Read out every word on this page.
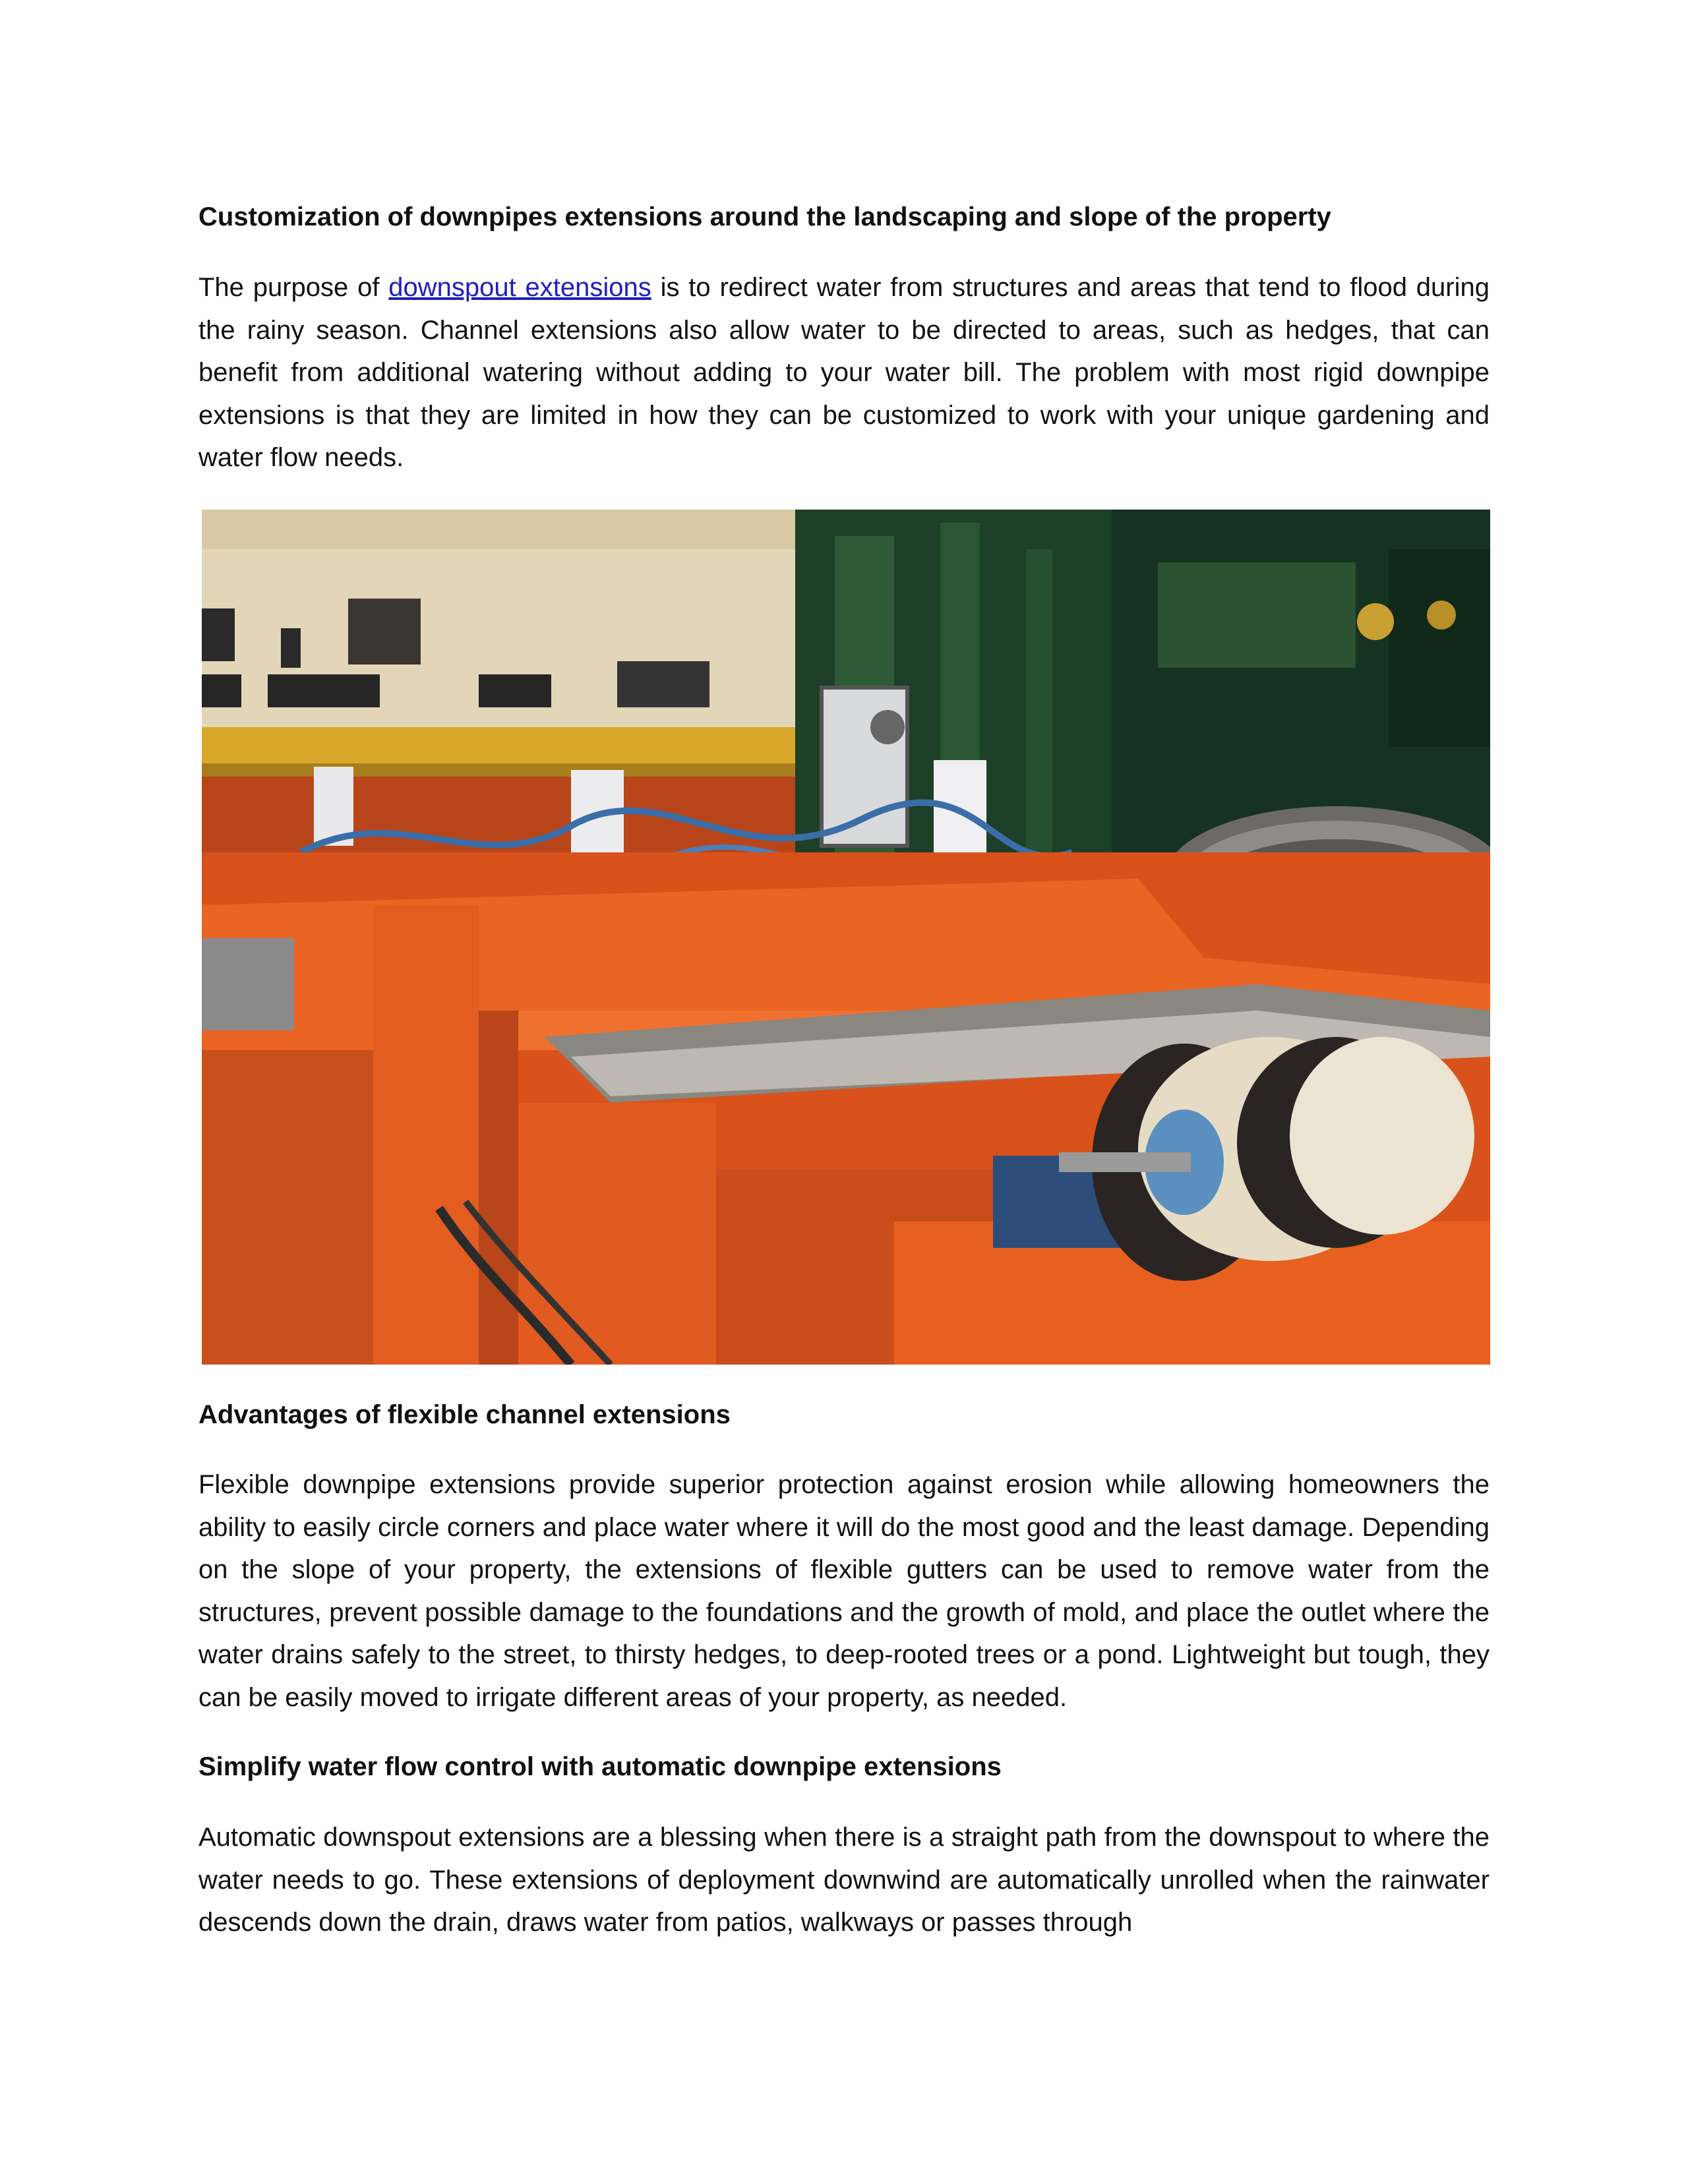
Customization of downpipes extensions around the landscaping and slope of the property

The purpose of downspout extensions is to redirect water from structures and areas that tend to flood during the rainy season. Channel extensions also allow water to be directed to areas, such as hedges, that can benefit from additional watering without adding to your water bill. The problem with most rigid downpipe extensions is that they are limited in how they can be customized to work with your unique gardening and water flow needs.

Advantages of flexible channel extensions

Flexible downpipe extensions provide superior protection against erosion while allowing homeowners the ability to easily circle corners and place water where it will do the most good and the least damage. Depending on the slope of your property, the extensions of flexible gutters can be used to remove water from the structures, prevent possible damage to the foundations and the growth of mold, and place the outlet where the water drains safely to the street, to thirsty hedges, to deep-rooted trees or a pond. Lightweight but tough, they can be easily moved to irrigate different areas of your property, as needed.

Simplify water flow control with automatic downpipe extensions

Automatic downspout extensions are a blessing when there is a straight path from the downspout to where the water needs to go. These extensions of deployment downwind are automatically unrolled when the rainwater descends down the drain, draws water from patios, walkways or passes through
